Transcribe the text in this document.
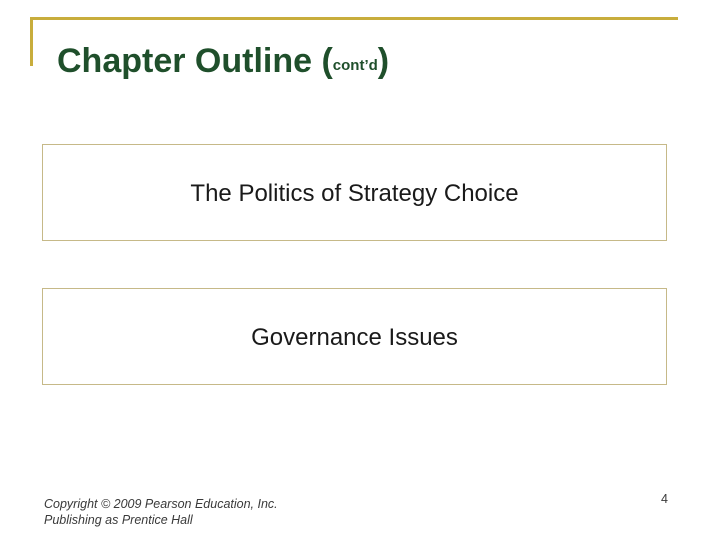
Chapter Outline (cont’d)
The Politics of Strategy Choice
Governance Issues
Copyright © 2009 Pearson Education, Inc.
Publishing as Prentice Hall
4
